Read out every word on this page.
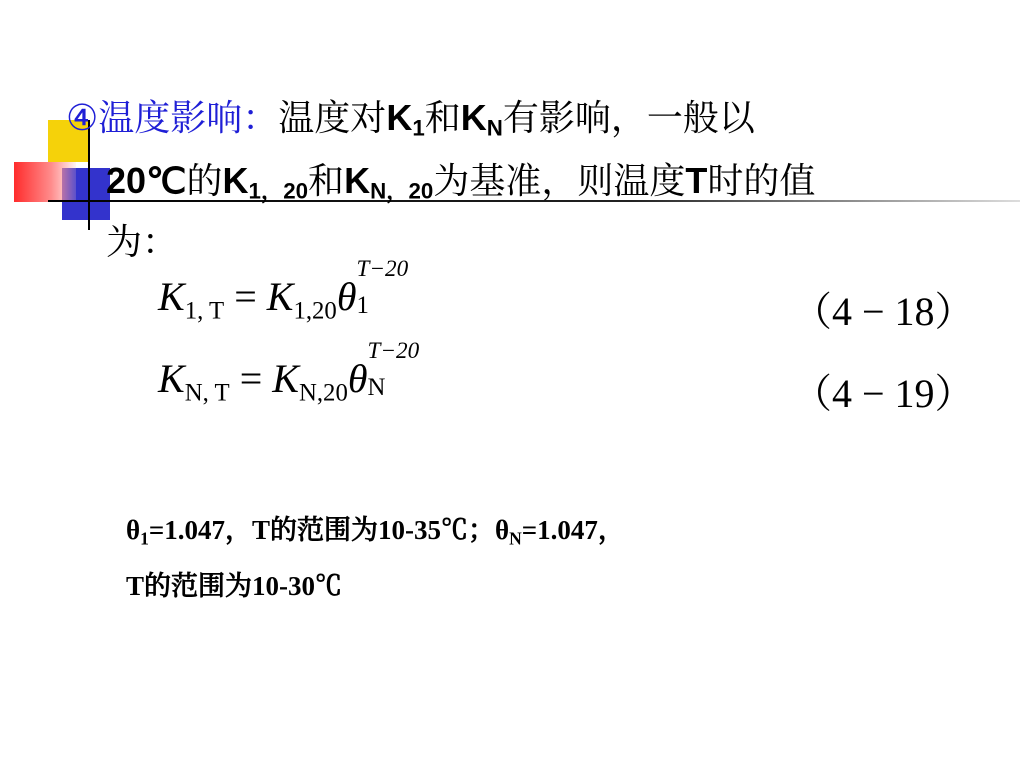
④温度影响：温度对$K_1$和$K_N$有影响，一般以
20℃的$K_{1,20}$和$K_{N,20}$为基准，则温度T时的值
为：
$K_{1, T} = K_{1,20}\theta$
T−20
1	（4 − 18）
$K_{N, T} = K_{N,20}\theta$
T−20
N	（4 − 19）
θ1=1.047，T的范围为10-35℃；θN=1.047，
T的范围为10-30℃
